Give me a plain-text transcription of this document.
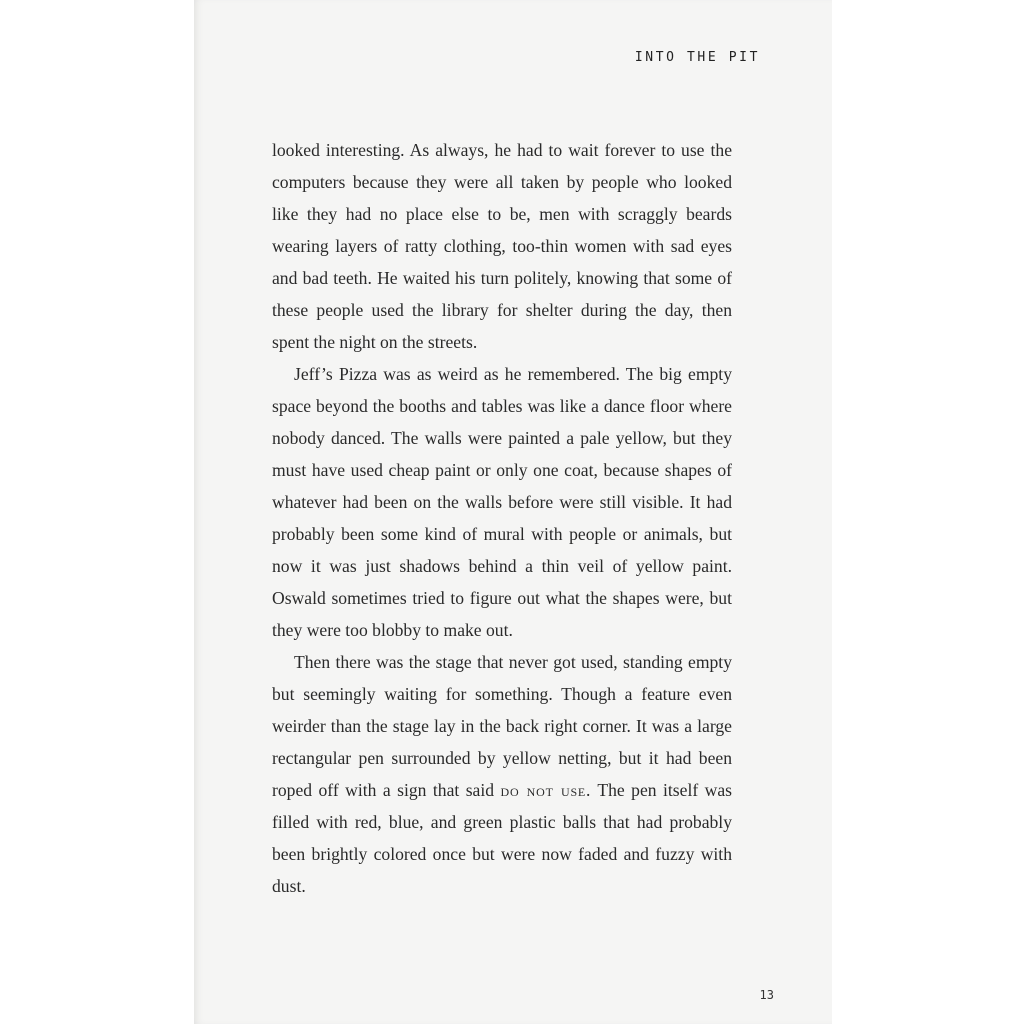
INTO THE PIT

looked interesting. As always, he had to wait forever to use the computers because they were all taken by people who looked like they had no place else to be, men with scraggly beards wearing layers of ratty clothing, too-thin women with sad eyes and bad teeth. He waited his turn politely, knowing that some of these people used the library for shelter during the day, then spent the night on the streets.

Jeff’s Pizza was as weird as he remembered. The big empty space beyond the booths and tables was like a dance floor where nobody danced. The walls were painted a pale yellow, but they must have used cheap paint or only one coat, because shapes of whatever had been on the walls before were still visible. It had probably been some kind of mural with people or animals, but now it was just shadows behind a thin veil of yellow paint. Oswald sometimes tried to figure out what the shapes were, but they were too blobby to make out.

Then there was the stage that never got used, standing empty but seemingly waiting for something. Though a feature even weirder than the stage lay in the back right corner. It was a large rectangular pen surrounded by yellow netting, but it had been roped off with a sign that said do not use. The pen itself was filled with red, blue, and green plastic balls that had probably been brightly colored once but were now faded and fuzzy with dust.

13
